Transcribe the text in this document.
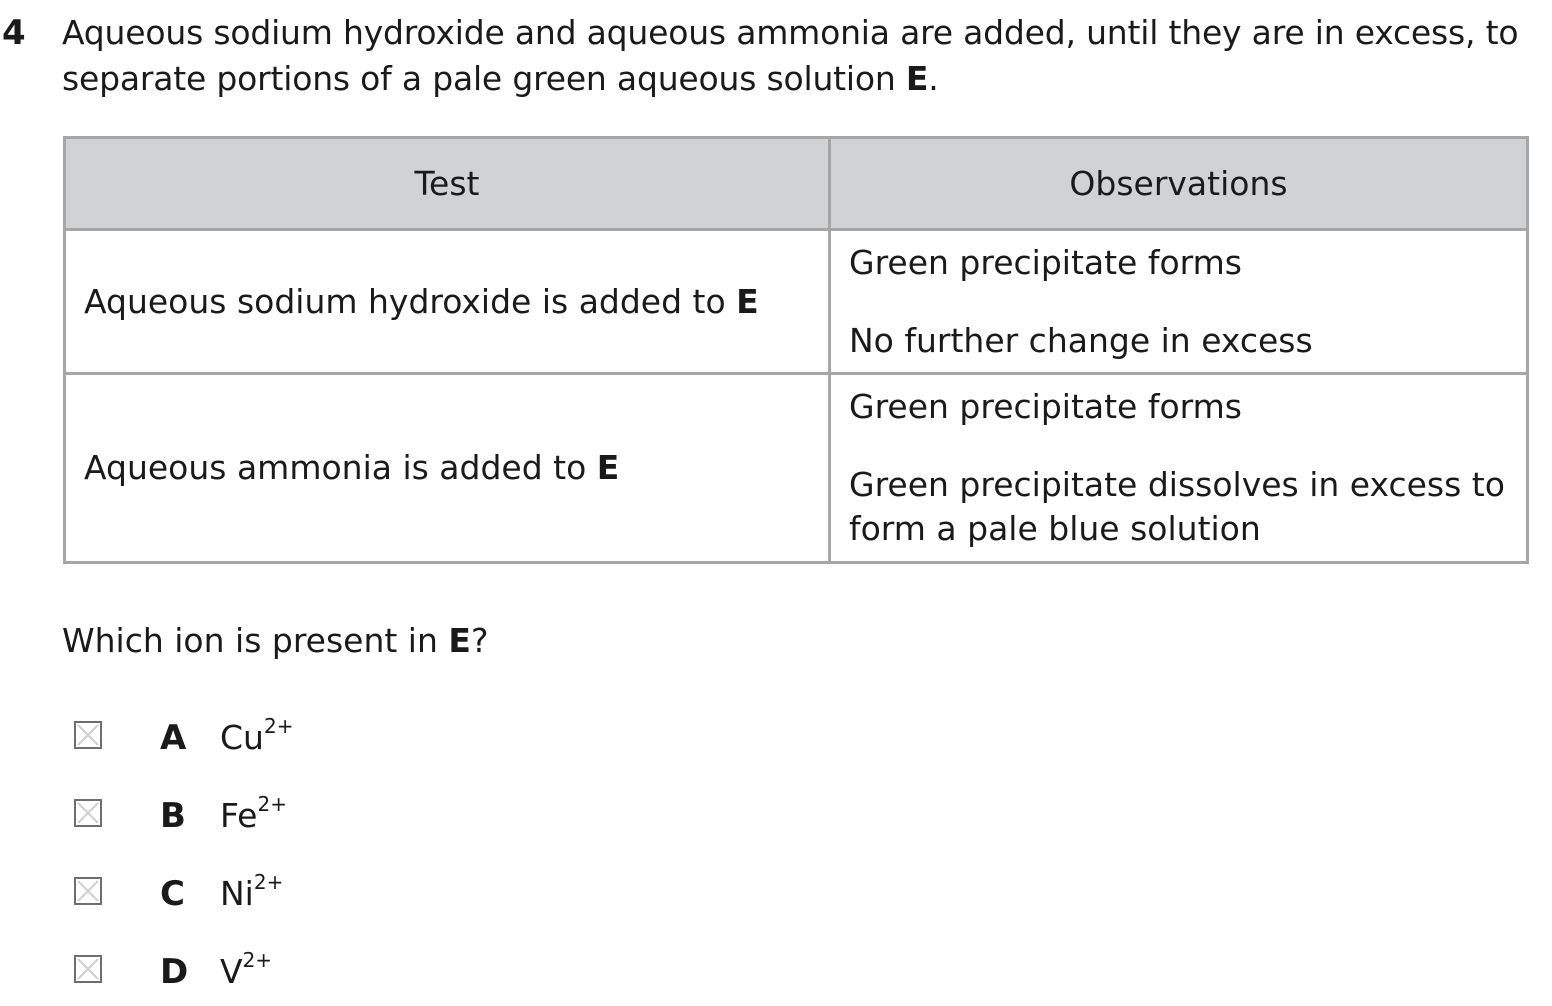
4 Aqueous sodium hydroxide and aqueous ammonia are added, until they are in excess, to separate portions of a pale green aqueous solution E.
Test	Observations

Aqueous sodium hydroxide is added to E	Green precipitate forms
No further change in excess

Aqueous ammonia is added to E	Green precipitate forms
Green precipitate dissolves in excess to form a pale blue solution
Which ion is present in E?
A $Cu^{2+}$
B $Fe^{2+}$
C $Ni^{2+}$
D $V^{2+}$
